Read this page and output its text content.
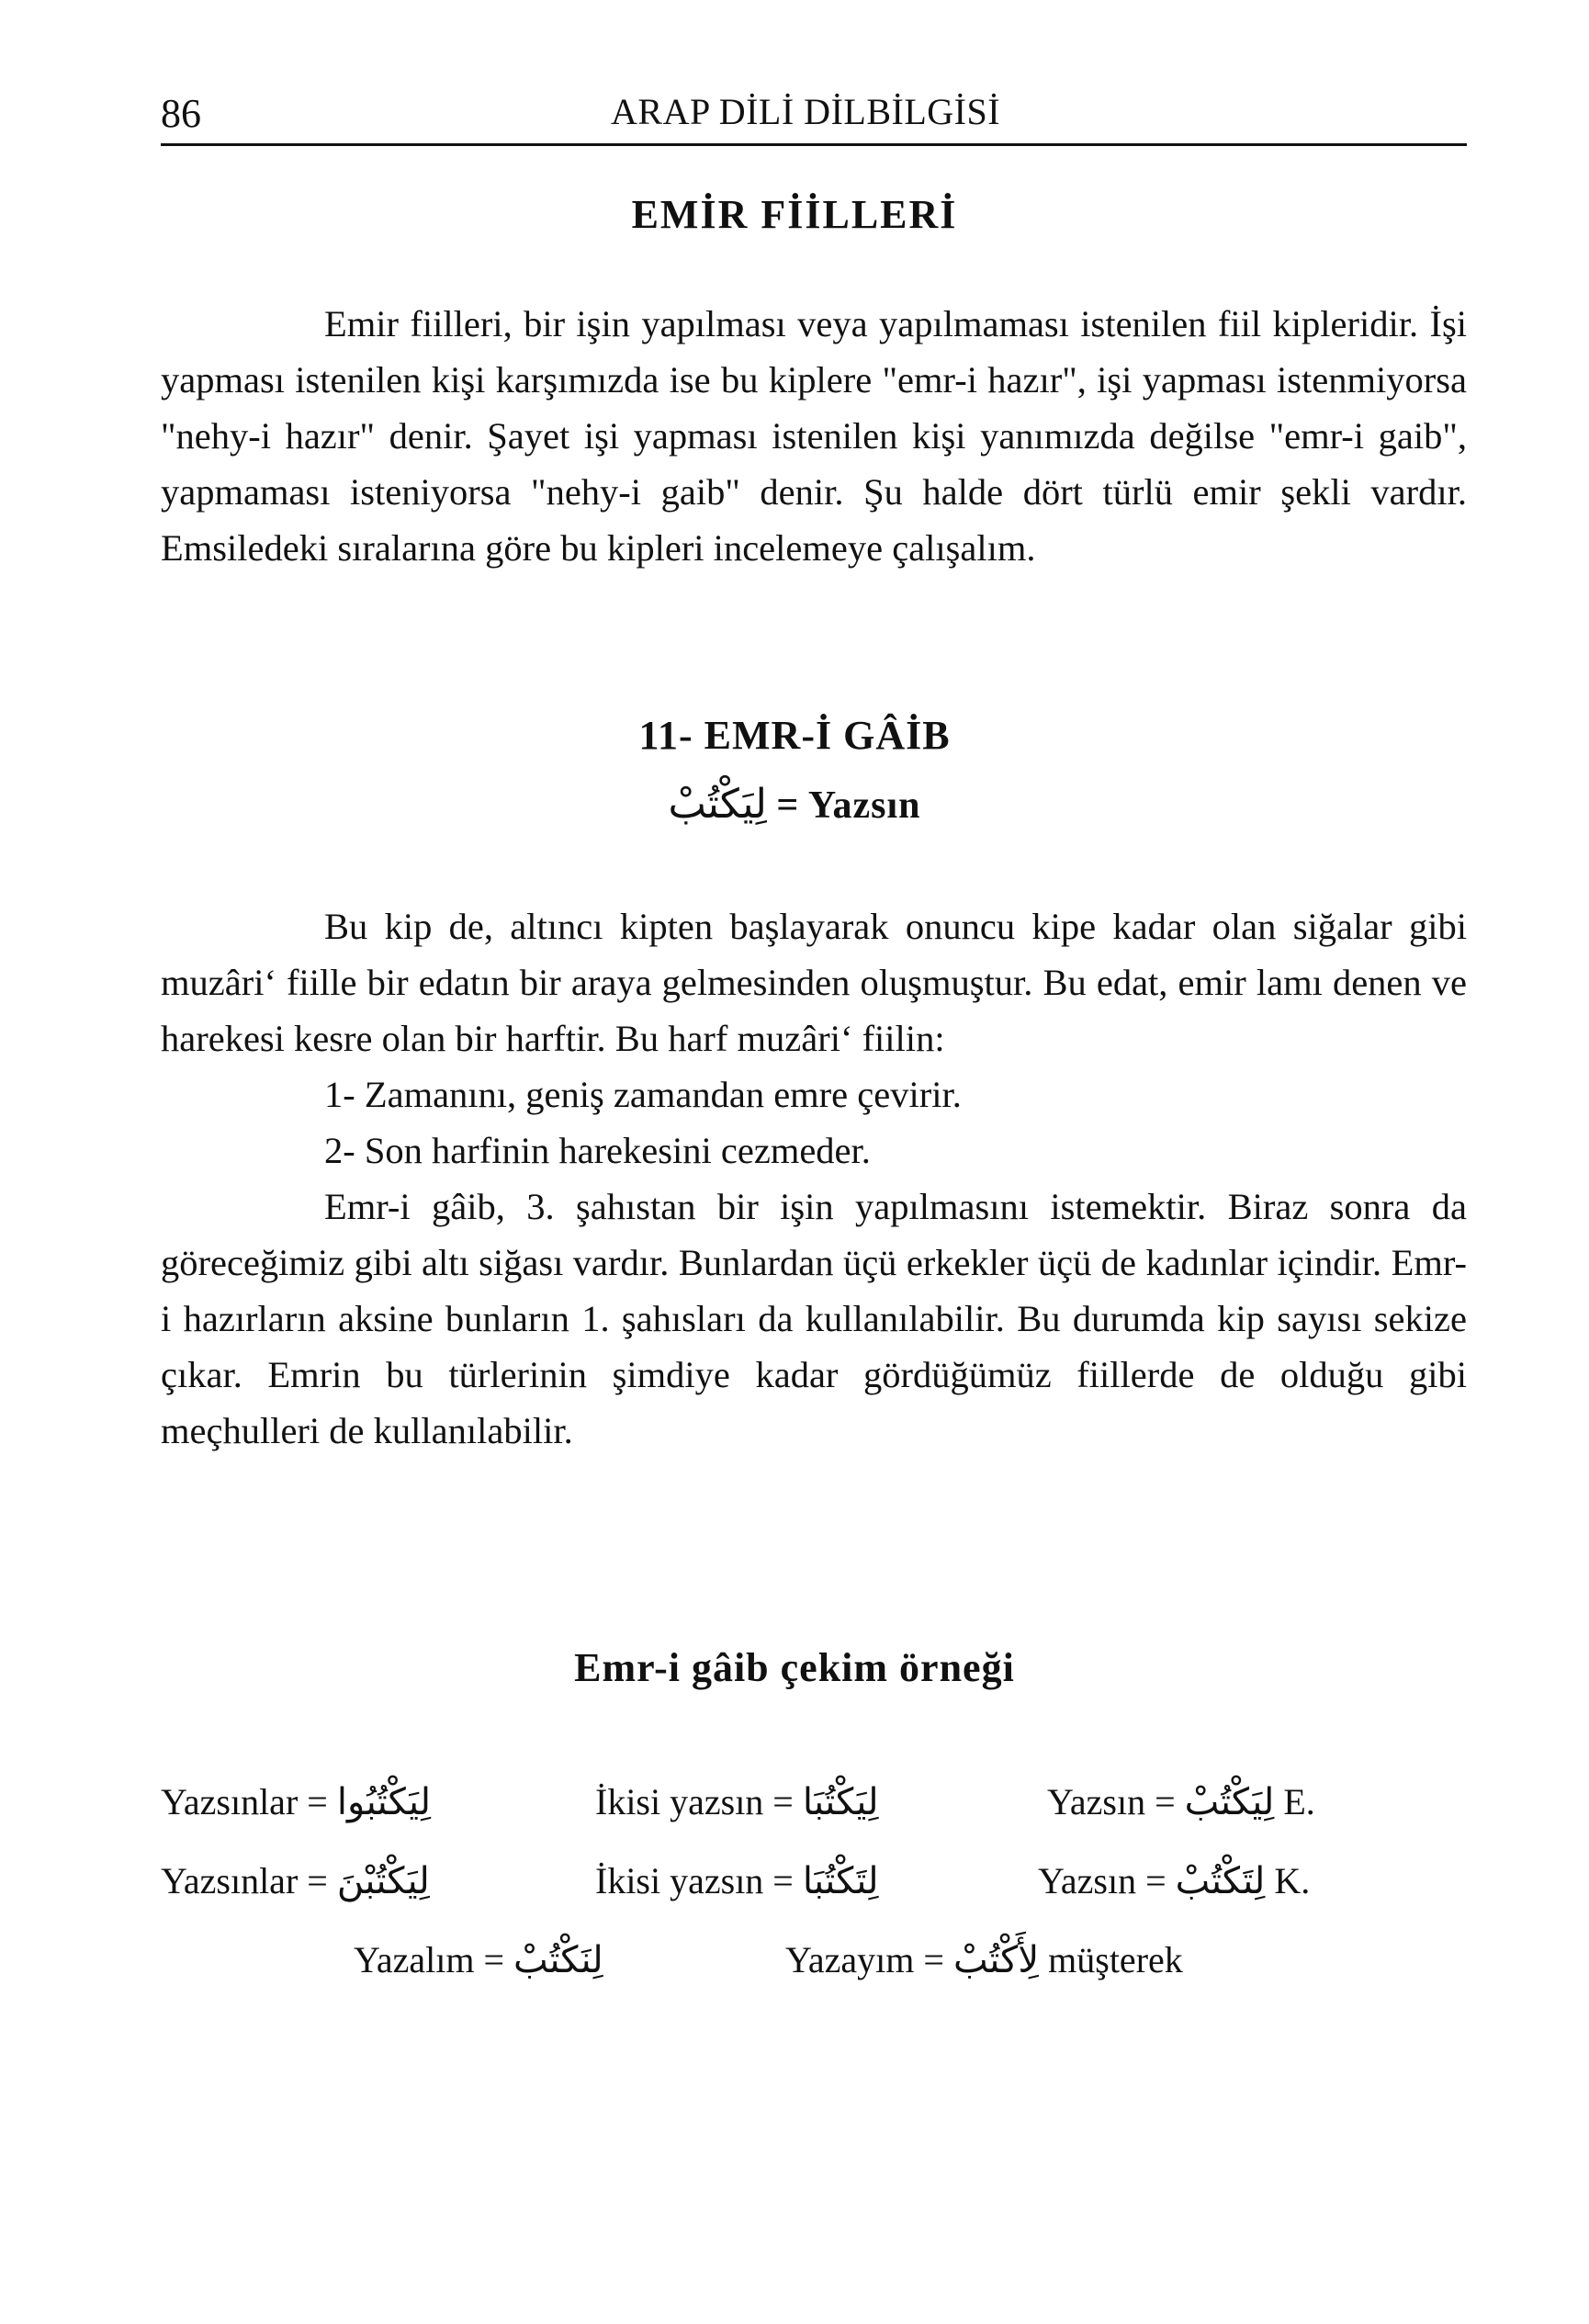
86	ARAP DİLİ DİLBİLGİSİ
EMİR FİİLLERİ

Emir fiilleri, bir işin yapılması veya yapılmaması istenilen fiil kipleridir. İşi yapması istenilen kişi karşımızda ise bu kiplere "emr-i hazır", işi yapması istenmiyorsa "nehy-i hazır" denir. Şayet işi yapması istenilen kişi yanımızda değilse "emr-i gaib", yapmaması isteniyorsa "nehy-i gaib" denir. Şu halde dört türlü emir şekli vardır. Emsiledeki sıralarına göre bu kipleri incelemeye çalışalım.

11- EMR-İ GÂİB
لِيَكْتُبْ = Yazsın

Bu kip de, altıncı kipten başlayarak onuncu kipe kadar olan siğalar gibi muzâri‘ fiille bir edatın bir araya gelmesinden oluşmuştur. Bu edat, emir lamı denen ve harekesi kesre olan bir harftir. Bu harf muzâri‘ fiilin:

1- Zamanını, geniş zamandan emre çevirir.
2- Son harfinin harekesini cezmeder.

Emr-i gâib, 3. şahıstan bir işin yapılmasını istemektir. Biraz sonra da göreceğimiz gibi altı siğası vardır. Bunlardan üçü erkekler üçü de kadınlar içindir. Emr-i hazırların aksine bunların 1. şahısları da kullanılabilir. Bu durumda kip sayısı sekize çıkar. Emrin bu türlerinin şimdiye kadar gördüğümüz fiillerde de olduğu gibi meçhulleri de kullanılabilir.

Emr-i gâib çekim örneği
Yazsınlar = لِيَكْتُبُوا	İkisi yazsın = لِيَكْتُبَا	Yazsın = لِيَكْتُبْ E.
Yazsınlar = لِيَكْتُبْنَ	İkisi yazsın = لِتَكْتُبَا	Yazsın = لِتَكْتُبْ K.
Yazalım = لِنَكْتُبْ	Yazayım = لِأَكْتُبْ müşterek
